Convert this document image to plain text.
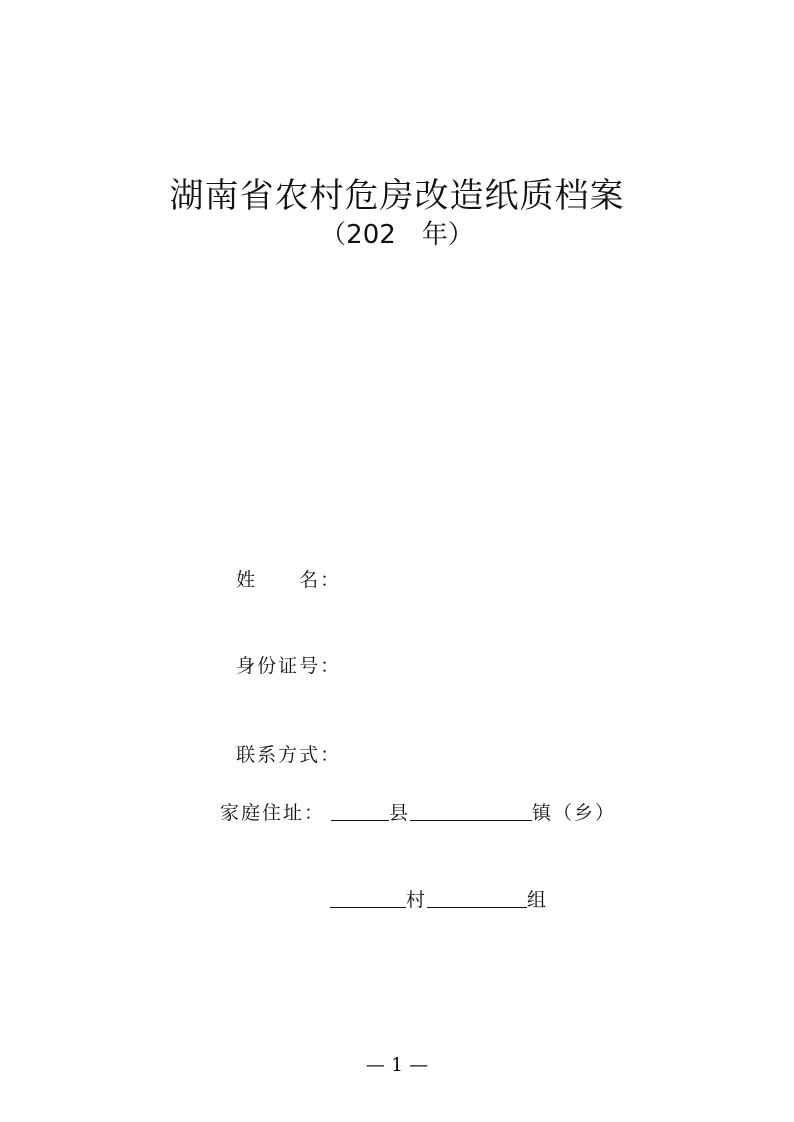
湖南省农村危房改造纸质档案
（202　年）

姓　　名：

身份证号：

联系方式：

家庭住址：	县	镇（乡）
村	组
— 1 —
